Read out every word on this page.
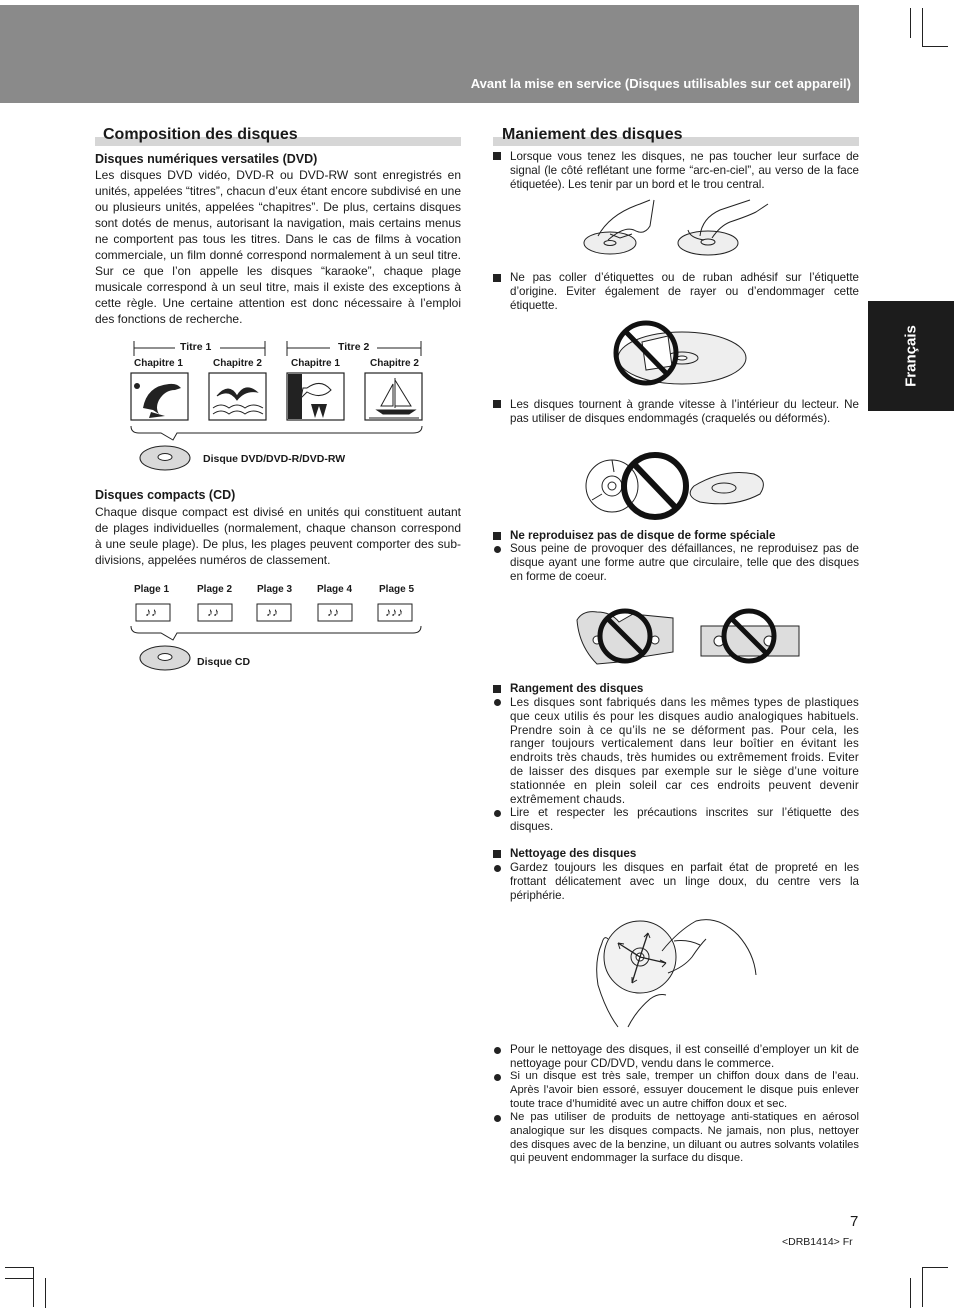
Avant la mise en service (Disques utilisables sur cet appareil)
Français
Composition des disques
Disques numériques versatiles (DVD)
Les disques DVD vidéo, DVD-R ou DVD-RW sont enregistrés en unités, appelées “titres”, chacun d’eux étant encore subdivisé en une ou plusieurs unités, appelées “chapitres”. De plus, certains disques sont dotés de menus, autorisant la navigation, mais certains menus ne comportent pas tous les titres. Dans le cas de films à vocation commerciale, un film donné correspond normalement à un seul titre. Sur ce que l’on appelle les disques “karaoke”, chaque plage musicale correspond à un seul titre, mais il existe des exceptions à cette règle. Une certaine attention est donc nécessaire à l’emploi des fonctions de recherche.
Titre 1	Titre 2
Chapitre 1	Chapitre 2	Chapitre 1	Chapitre 2
Disque DVD/DVD-R/DVD-RW
Disques compacts (CD)
Chaque disque compact est divisé en unités qui constituent autant de plages individuelles (normalement, chaque chanson correspond à une seule plage). De plus, les plages peuvent comporter des sub-divisions, appelées numéros de classement.
Plage 1	Plage 2 Plage 3 Plage 4	Plage 5
♪♪	♪♪	♪♪	♪♪	♪♪♪
Disque CD
Maniement des disques
Lorsque vous tenez les disques, ne pas toucher leur surface de signal (le côté reflétant une forme “arc-en-ciel”, au verso de la face étiquetée). Les tenir par un bord et le trou central.
Ne pas coller d’étiquettes ou de ruban adhésif sur l’étiquette d’origine. Eviter également de rayer ou d’endommager cette étiquette.
Les disques tournent à grande vitesse à l’intérieur du lecteur. Ne pas utiliser de disques endommagés (craquelés ou déformés).
Ne reproduisez pas de disque de forme spéciale
Sous peine de provoquer des défaillances, ne reproduisez pas de disque ayant une forme autre que circulaire, telle que des disques en forme de coeur.
Rangement des disques
Les disques sont fabriqués dans les mêmes types de plastiques que ceux utilis és pour les disques audio analogiques habituels. Prendre soin à ce qu’ils ne se déforment pas. Pour cela, les ranger toujours verticalement dans leur boîtier en évitant les endroits très chauds, très humides ou extrêmement froids. Eviter de laisser des disques par exemple sur le siège d’une voiture stationnée en plein soleil car ces endroits peuvent devenir extrêmement chauds.
Lire et respecter les précautions inscrites sur l’étiquette des disques.
Nettoyage des disques
Gardez toujours les disques en parfait état de propreté en les frottant délicatement avec un linge doux, du centre vers la périphérie.
Pour le nettoyage des disques, il est conseillé d’employer un kit de nettoyage pour CD/DVD, vendu dans le commerce.
Si un disque est très sale, tremper un chiffon doux dans de l’eau. Après l’avoir bien essoré, essuyer doucement le disque puis enlever toute trace d’humidité avec un autre chiffon doux et sec.
Ne pas utiliser de produits de nettoyage anti-statiques en aérosol analogique sur les disques compacts. Ne jamais, non plus, nettoyer des disques avec de la benzine, un diluant ou autres solvants volatiles qui peuvent endommager la surface du disque.
7
<DRB1414> Fr
